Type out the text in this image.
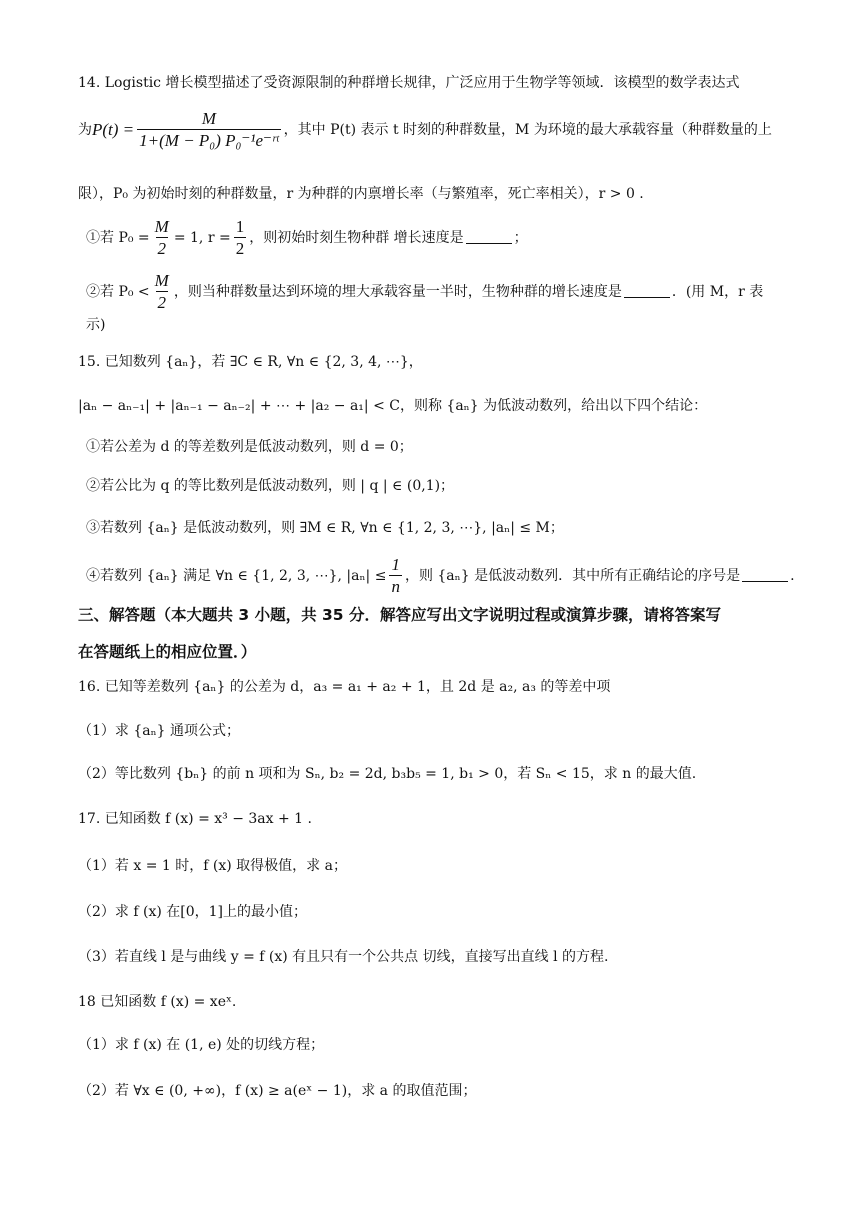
14. Logistic 增长模型描述了受资源限制的种群增长规律，广泛应用于生物学等领域．该模型的数学表达式
为 $P(t) = \frac{M}{\text{1+(M − P₀) P₀⁻¹e⁻ʳᵗ}}$ ，其中 P(t) 表示 t 时刻的种群数量，M 为环境的最大承载容量（种群数量的上
限），P₀ 为初始时刻的种群数量，r 为种群的内禀增长率（与繁殖率，死亡率相关），r > 0 .
①若 $P_0 = \frac{M}{2} = 1$, $r = \frac{1}{2}$ ，则初始时刻生物种群 增长速度是	；
②若 $P_0 < \frac{M}{2}$ ，则当种群数量达到环境的埋大承载容量一半时，生物种群的增长速度是	．(用 M，r 表
示)
15. 已知数列 {aₙ}，若 ∃C ∈ R, ∀n ∈ {2, 3, 4, ⋯}，
|aₙ − aₙ₋₁| + |aₙ₋₁ − aₙ₋₂| + ⋯ + |a₂ − a₁| < C，则称 {aₙ} 为低波动数列，给出以下四个结论：
①若公差为 d 的等差数列是低波动数列，则 d = 0；
②若公比为 q 的等比数列是低波动数列，则 | q | ∈ (0,1)；
③若数列 {aₙ} 是低波动数列，则 ∃M ∈ R, ∀n ∈ {1, 2, 3, ⋯}, |aₙ| ≤ M；
④若数列 {aₙ} 满足 ∀n ∈ {1, 2, 3, ⋯}, $|a_n| \le \frac{1}{n}$ ，则 {aₙ} 是低波动数列．其中所有正确结论的序号是	.
三、解答题（本大题共 3 小题，共 35 分．解答应写出文字说明过程或演算步骤，请将答案写
在答题纸上的相应位置．）
16. 已知等差数列 {aₙ} 的公差为 d，a₃ = a₁ + a₂ + 1，且 2d 是 a₂, a₃ 的等差中项
（1）求 {aₙ} 通项公式；
（2）等比数列 {bₙ} 的前 n 项和为 Sₙ, b₂ = 2d, b₃b₅ = 1, b₁ > 0，若 Sₙ < 15，求 n 的最大值.
17. 已知函数 f (x) = x³ − 3ax + 1 .
（1）若 x = 1 时，f (x) 取得极值，求 a；
（2）求 f (x) 在[0，1]上的最小值；
（3）若直线 l 是与曲线 y = f (x) 有且只有一个公共点 切线，直接写出直线 l 的方程.
18 已知函数 f (x) = xeˣ.
（1）求 f (x) 在 (1, e) 处的切线方程；
（2）若 ∀x ∈ (0, +∞)，f (x) ≥ a(eˣ − 1)，求 a 的取值范围；
